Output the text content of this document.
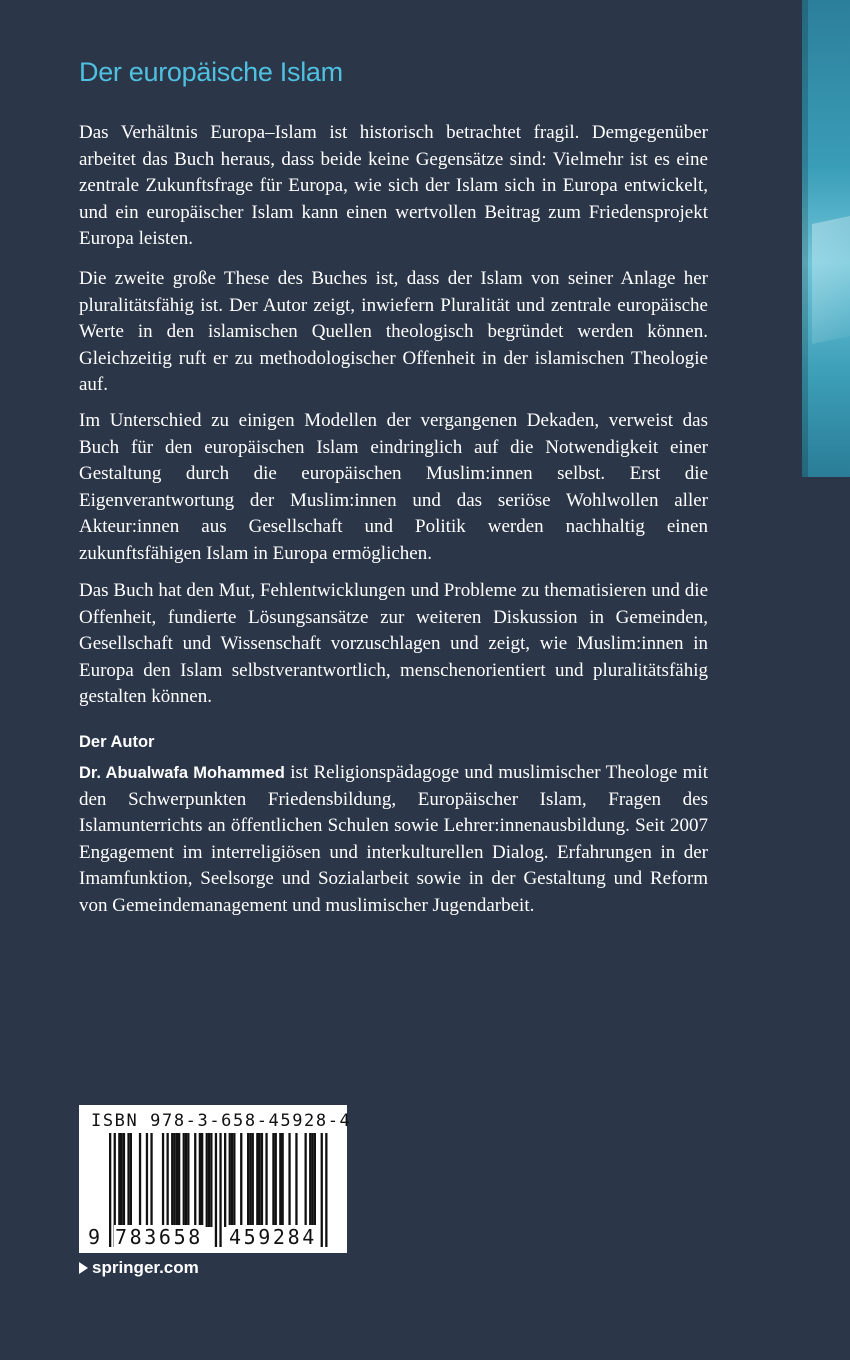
Der europäische Islam

Das Verhältnis Europa–Islam ist historisch betrachtet fragil. Demgegenüber arbeitet das Buch heraus, dass beide keine Gegensätze sind: Vielmehr ist es eine zentrale Zukunftsfrage für Europa, wie sich der Islam sich in Europa entwickelt, und ein europäischer Islam kann einen wertvollen Beitrag zum Friedensprojekt Europa leisten.

Die zweite große These des Buches ist, dass der Islam von seiner Anlage her pluralitätsfähig ist. Der Autor zeigt, inwiefern Pluralität und zentrale europäische Werte in den islamischen Quellen theologisch begründet werden können. Gleichzeitig ruft er zu methodologischer Offenheit in der islamischen Theologie auf.

Im Unterschied zu einigen Modellen der vergangenen Dekaden, verweist das Buch für den europäischen Islam eindringlich auf die Notwendigkeit einer Gestaltung durch die europäischen Muslim:innen selbst. Erst die Eigenverantwortung der Muslim:innen und das seriöse Wohlwollen aller Akteur:innen aus Gesellschaft und Politik werden nachhaltig einen zukunftsfähigen Islam in Europa ermöglichen.

Das Buch hat den Mut, Fehlentwicklungen und Probleme zu thematisieren und die Offenheit, fundierte Lösungsansätze zur weiteren Diskussion in Gemeinden, Gesellschaft und Wissenschaft vorzuschlagen und zeigt, wie Muslim:innen in Europa den Islam selbstverantwortlich, menschenorientiert und pluralitätsfähig gestalten können.

Der Autor

Dr. Abualwafa Mohammed ist Religionspädagoge und muslimischer Theologe mit den Schwerpunkten Friedensbildung, Europäischer Islam, Fragen des Islamunterrichts an öffentlichen Schulen sowie Lehrer:innenausbildung. Seit 2007 Engagement im interreligiösen und interkulturellen Dialog. Erfahrungen in der Imamfunktion, Seelsorge und Sozialarbeit sowie in der Gestaltung und Reform von Gemeindemanagement und muslimischer Jugendarbeit.

ISBN 978-3-658-45928-4
9 783658 459284
springer.com
